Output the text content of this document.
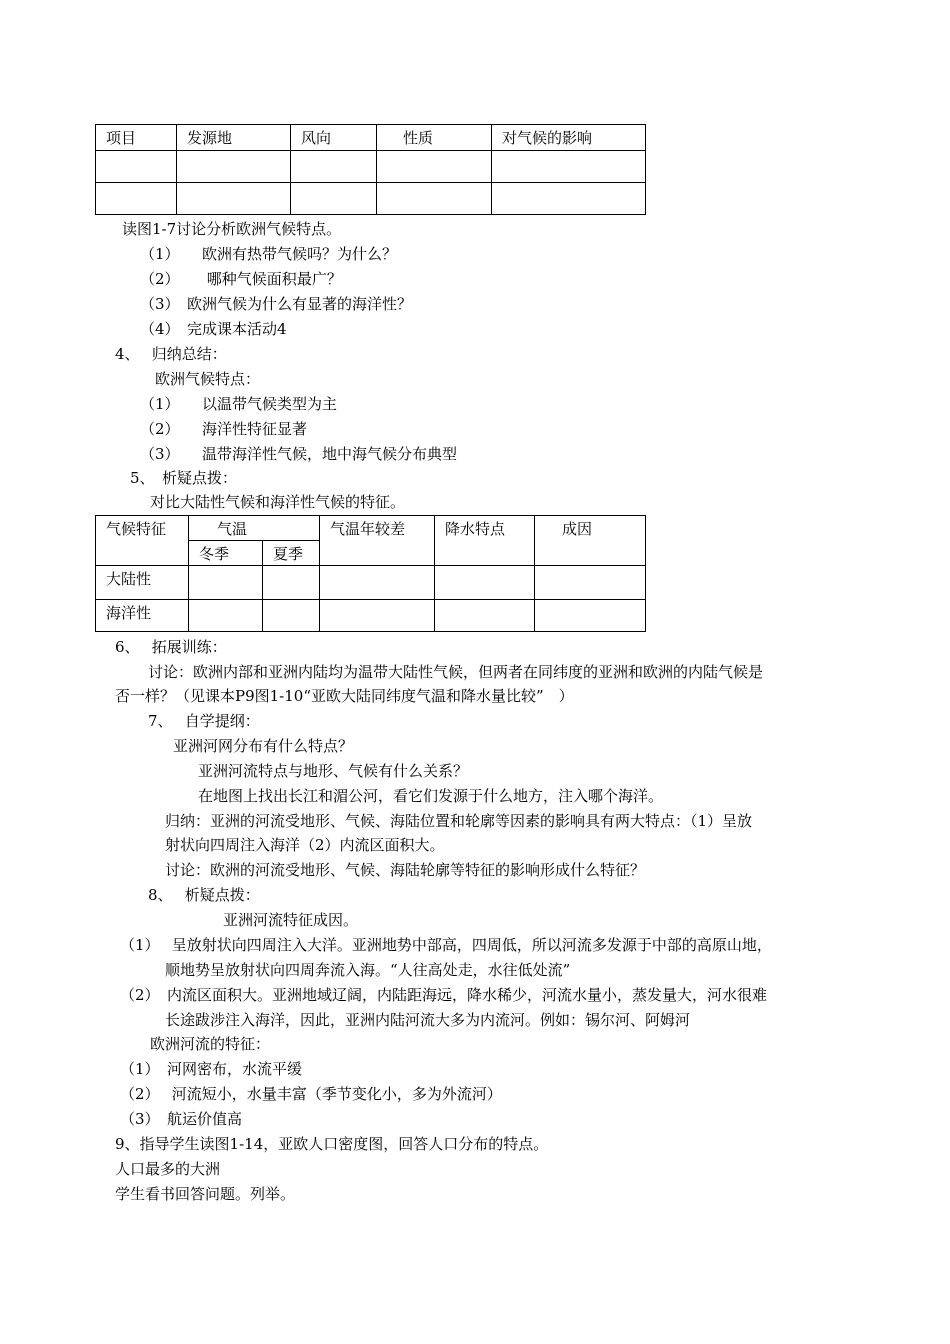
项目	发源地	风向	性质	对气候的影响

读图1-7讨论分析欧洲气候特点。
（1）　　欧洲有热带气候吗？为什么？
（2）　　 哪种气候面积最广？
（3）　欧洲气候为什么有显著的海洋性？
（4）　完成课本活动4
4、　 归纳总结：
欧洲气候特点：
（1）　　以温带气候类型为主
（2）　　海洋性特征显著
（3）　　温带海洋性气候，地中海气候分布典型
5、　析疑点拨：
对比大陆性气候和海洋性气候的特征。
气候特征	气温		气温年较差	降水特点	成因
	冬季	夏季			
大陆性					
海洋性					
6、　 拓展训练：
讨论：欧洲内部和亚洲内陆均为温带大陆性气候，但两者在同纬度的亚洲和欧洲的内陆气候是
否一样？（见课本P9图1-10“亚欧大陆同纬度气温和降水量比较”　）
7、　 自学提纲：
亚洲河网分布有什么特点？
亚洲河流特点与地形、气候有什么关系？
在地图上找出长江和湄公河，看它们发源于什么地方，注入哪个海洋。
归纳：亚洲的河流受地形、气候、海陆位置和轮廓等因素的影响具有两大特点：（1）呈放
射状向四周注入海洋（2）内流区面积大。
讨论：欧洲的河流受地形、气候、海陆轮廓等特征的影响形成什么特征？
8、　 析疑点拨：
亚洲河流特征成因。
（1）　 呈放射状向四周注入大洋。亚洲地势中部高，四周低，所以河流多发源于中部的高原山地，
顺地势呈放射状向四周奔流入海。“人往高处走，水往低处流”
（2）　内流区面积大。亚洲地域辽阔，内陆距海远，降水稀少，河流水量小，蒸发量大，河水很难
长途跋涉注入海洋，因此，亚洲内陆河流大多为内流河。例如：锡尔河、阿姆河
欧洲河流的特征：
（1）　河网密布，水流平缓
（2）　 河流短小，水量丰富（季节变化小，多为外流河）
（3）　航运价值高
9、指导学生读图1-14，亚欧人口密度图，回答人口分布的特点。
人口最多的大洲
学生看书回答问题。列举。
